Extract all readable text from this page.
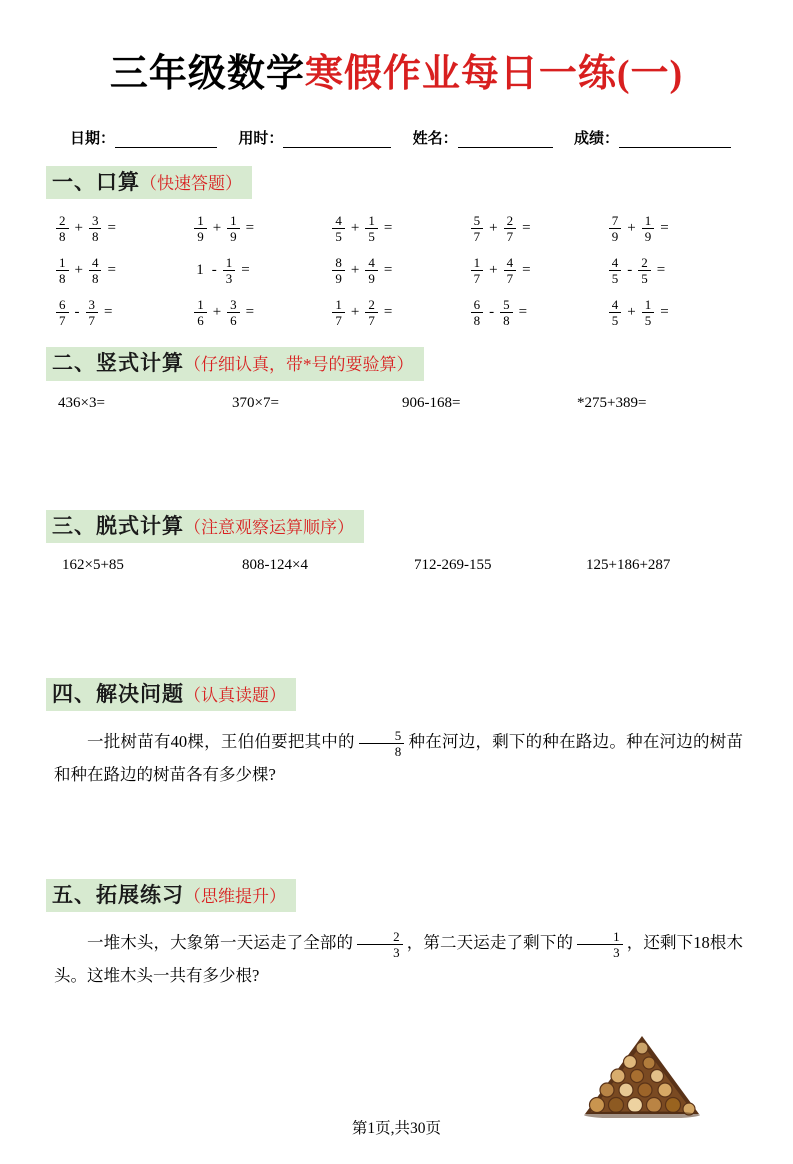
三年级数学寒假作业每日一练(一)
日期：	用时：	姓名：	成绩：
一、口算（快速答题）
$\frac{2}{8} + \frac{3}{8}$ =	$\frac{1}{9} + \frac{1}{9}$ =	$\frac{4}{5} + \frac{1}{5}$ =	$\frac{5}{7} + \frac{2}{7}$ =	$\frac{7}{9} + \frac{1}{9}$ =
$\frac{1}{8} + \frac{4}{8}$ =	$1 - \frac{1}{3}$ =	$\frac{8}{9} + \frac{4}{9}$ =	$\frac{1}{7} + \frac{4}{7}$ =	$\frac{4}{5} - \frac{2}{5}$ =
$\frac{6}{7} - \frac{3}{7}$ =	$\frac{1}{6} + \frac{3}{6}$ =	$\frac{1}{7} + \frac{2}{7}$ =	$\frac{6}{8} - \frac{5}{8}$ =	$\frac{4}{5} + \frac{1}{5}$ =
二、竖式计算（仔细认真，带*号的要验算）
436×3=	370×7=	906-168=	*275+389=
三、脱式计算（注意观察运算顺序）
162×5+85	808-124×4	712-269-155	125+186+287
四、解决问题（认真读题）
一批树苗有40棵，王伯伯要把其中的 $\frac{5}{8}$ 种在河边，剩下的种在路边。种在河边的树苗和种在路边的树苗各有多少棵?
五、拓展练习（思维提升）
一堆木头，大象第一天运走了全部的 $\frac{2}{3}$ ，第二天运走了剩下的 $\frac{1}{3}$ ，还剩下18根木头。这堆木头一共有多少根?
第1页,共30页
